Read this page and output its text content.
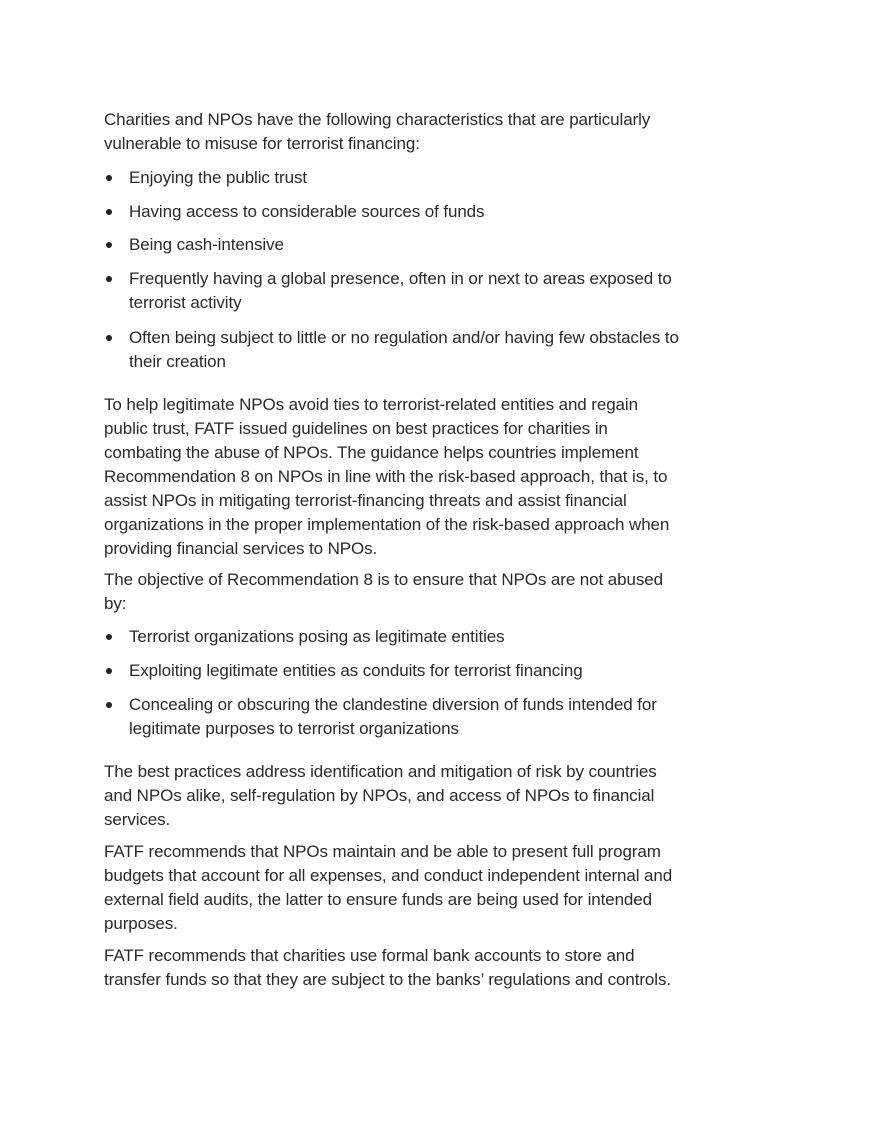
Charities and NPOs have the following characteristics that are particularly
vulnerable to misuse for terrorist financing:
Enjoying the public trust
Having access to considerable sources of funds
Being cash-intensive
Frequently having a global presence, often in or next to areas exposed to
terrorist activity
Often being subject to little or no regulation and/or having few obstacles to
their creation
To help legitimate NPOs avoid ties to terrorist-related entities and regain
public trust, FATF issued guidelines on best practices for charities in
combating the abuse of NPOs. The guidance helps countries implement
Recommendation 8 on NPOs in line with the risk-based approach, that is, to
assist NPOs in mitigating terrorist-financing threats and assist financial
organizations in the proper implementation of the risk-based approach when
providing financial services to NPOs.
The objective of Recommendation 8 is to ensure that NPOs are not abused
by:
Terrorist organizations posing as legitimate entities
Exploiting legitimate entities as conduits for terrorist financing
Concealing or obscuring the clandestine diversion of funds intended for
legitimate purposes to terrorist organizations
The best practices address identification and mitigation of risk by countries
and NPOs alike, self-regulation by NPOs, and access of NPOs to financial
services.
FATF recommends that NPOs maintain and be able to present full program
budgets that account for all expenses, and conduct independent internal and
external field audits, the latter to ensure funds are being used for intended
purposes.
FATF recommends that charities use formal bank accounts to store and
transfer funds so that they are subject to the banks’ regulations and controls.
